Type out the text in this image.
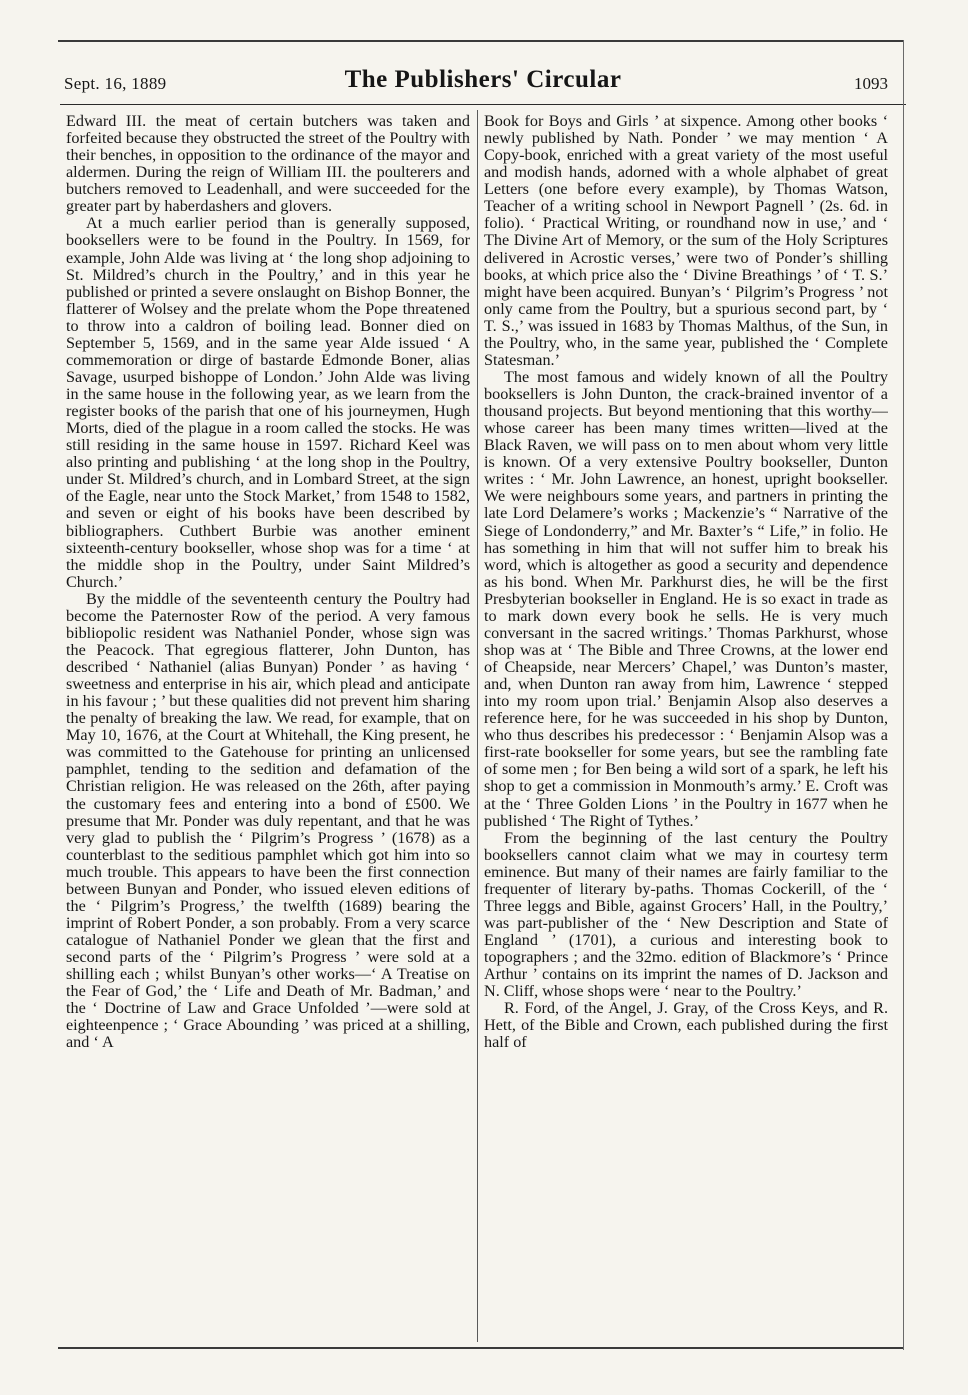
Sept. 16, 1889	The Publishers' Circular	1093

Edward III. the meat of certain butchers was taken and forfeited because they obstructed the street of the Poultry with their benches, in opposition to the ordinance of the mayor and aldermen. During the reign of William III. the poulterers and butchers removed to Leadenhall, and were succeeded for the greater part by haberdashers and glovers.

At a much earlier period than is generally supposed, booksellers were to be found in the Poultry. In 1569, for example, John Alde was living at ‘ the long shop adjoining to St. Mildred’s church in the Poultry,’ and in this year he published or printed a severe onslaught on Bishop Bonner, the flatterer of Wolsey and the prelate whom the Pope threatened to throw into a caldron of boiling lead. Bonner died on September 5, 1569, and in the same year Alde issued ‘ A commemoration or dirge of bastarde Edmonde Boner, alias Savage, usurped bishoppe of London.’ John Alde was living in the same house in the following year, as we learn from the register books of the parish that one of his journeymen, Hugh Morts, died of the plague in a room called the stocks. He was still residing in the same house in 1597. Richard Keel was also printing and publishing ‘ at the long shop in the Poultry, under St. Mildred’s church, and in Lombard Street, at the sign of the Eagle, near unto the Stock Market,’ from 1548 to 1582, and seven or eight of his books have been described by bibliographers. Cuthbert Burbie was another eminent sixteenth-century bookseller, whose shop was for a time ‘ at the middle shop in the Poultry, under Saint Mildred’s Church.’

By the middle of the seventeenth century the Poultry had become the Paternoster Row of the period. A very famous bibliopolic resident was Nathaniel Ponder, whose sign was the Peacock. That egregious flatterer, John Dunton, has described ‘ Nathaniel (alias Bunyan) Ponder ’ as having ‘ sweetness and enterprise in his air, which plead and anticipate in his favour ; ’ but these qualities did not prevent him sharing the penalty of breaking the law. We read, for example, that on May 10, 1676, at the Court at Whitehall, the King present, he was committed to the Gatehouse for printing an unlicensed pamphlet, tending to the sedition and defamation of the Christian religion. He was released on the 26th, after paying the customary fees and entering into a bond of £500. We presume that Mr. Ponder was duly repentant, and that he was very glad to publish the ‘ Pilgrim’s Progress ’ (1678) as a counterblast to the seditious pamphlet which got him into so much trouble. This appears to have been the first connection between Bunyan and Ponder, who issued eleven editions of the ‘ Pilgrim’s Progress,’ the twelfth (1689) bearing the imprint of Robert Ponder, a son probably. From a very scarce catalogue of Nathaniel Ponder we glean that the first and second parts of the ‘ Pilgrim’s Progress ’ were sold at a shilling each ; whilst Bunyan’s other works—‘ A Treatise on the Fear of God,’ the ‘ Life and Death of Mr. Badman,’ and the ‘ Doctrine of Law and Grace Unfolded ’—were sold at eighteenpence ; ‘ Grace Abounding ’ was priced at a shilling, and ‘ A

Book for Boys and Girls ’ at sixpence. Among other books ‘ newly published by Nath. Ponder ’ we may mention ‘ A Copy-book, enriched with a great variety of the most useful and modish hands, adorned with a whole alphabet of great Letters (one before every example), by Thomas Watson, Teacher of a writing school in Newport Pagnell ’ (2s. 6d. in folio). ‘ Practical Writing, or roundhand now in use,’ and ‘ The Divine Art of Memory, or the sum of the Holy Scriptures delivered in Acrostic verses,’ were two of Ponder’s shilling books, at which price also the ‘ Divine Breathings ’ of ‘ T. S.’ might have been acquired. Bunyan’s ‘ Pilgrim’s Progress ’ not only came from the Poultry, but a spurious second part, by ‘ T. S.,’ was issued in 1683 by Thomas Malthus, of the Sun, in the Poultry, who, in the same year, published the ‘ Complete Statesman.’

The most famous and widely known of all the Poultry booksellers is John Dunton, the crack-brained inventor of a thousand projects. But beyond mentioning that this worthy—whose career has been many times written—lived at the Black Raven, we will pass on to men about whom very little is known. Of a very extensive Poultry bookseller, Dunton writes : ‘ Mr. John Lawrence, an honest, upright bookseller. We were neighbours some years, and partners in printing the late Lord Delamere’s works ; Mackenzie’s “ Narrative of the Siege of Londonderry,” and Mr. Baxter’s “ Life,” in folio. He has something in him that will not suffer him to break his word, which is altogether as good a security and dependence as his bond. When Mr. Parkhurst dies, he will be the first Presbyterian bookseller in England. He is so exact in trade as to mark down every book he sells. He is very much conversant in the sacred writings.’ Thomas Parkhurst, whose shop was at ‘ The Bible and Three Crowns, at the lower end of Cheapside, near Mercers’ Chapel,’ was Dunton’s master, and, when Dunton ran away from him, Lawrence ‘ stepped into my room upon trial.’ Benjamin Alsop also deserves a reference here, for he was succeeded in his shop by Dunton, who thus describes his predecessor : ‘ Benjamin Alsop was a first-rate bookseller for some years, but see the rambling fate of some men ; for Ben being a wild sort of a spark, he left his shop to get a commission in Monmouth’s army.’ E. Croft was at the ‘ Three Golden Lions ’ in the Poultry in 1677 when he published ‘ The Right of Tythes.’

From the beginning of the last century the Poultry booksellers cannot claim what we may in courtesy term eminence. But many of their names are fairly familiar to the frequenter of literary by-paths. Thomas Cockerill, of the ‘ Three leggs and Bible, against Grocers’ Hall, in the Poultry,’ was part-publisher of the ‘ New Description and State of England ’ (1701), a curious and interesting book to topographers ; and the 32mo. edition of Blackmore’s ‘ Prince Arthur ’ contains on its imprint the names of D. Jackson and N. Cliff, whose shops were ‘ near to the Poultry.’

R. Ford, of the Angel, J. Gray, of the Cross Keys, and R. Hett, of the Bible and Crown, each published during the first half of
